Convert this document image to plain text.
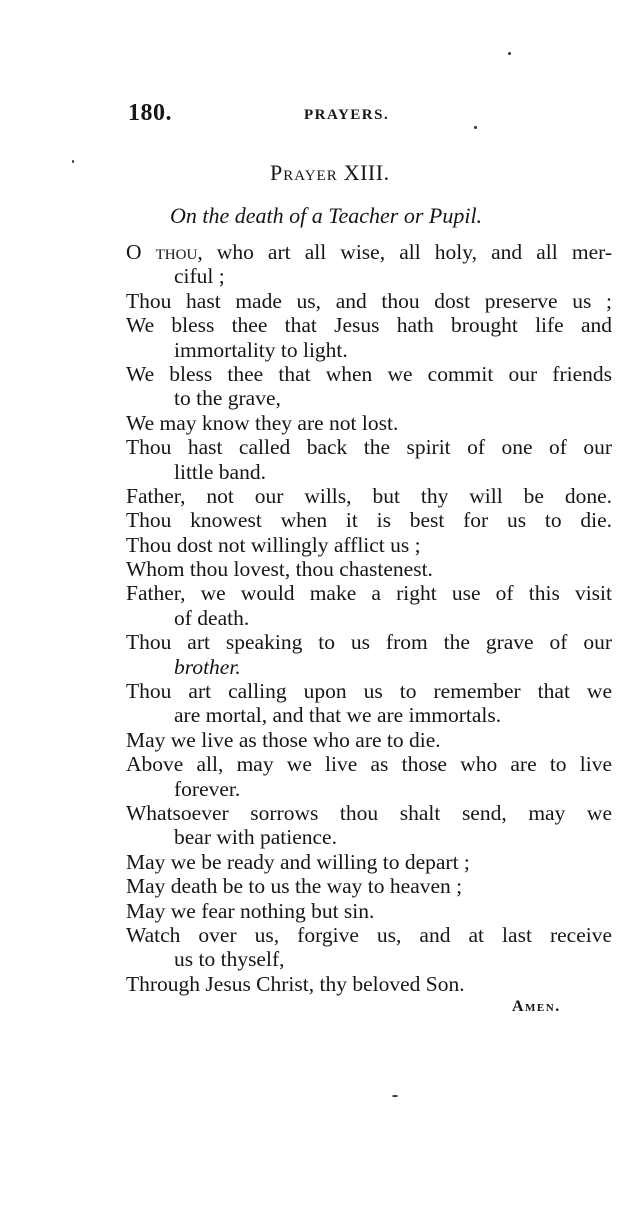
180.	PRAYERS.
Prayer XIII.
On the death of a Teacher or Pupil.
O thou, who art all wise, all holy, and all mer-
ciful ;
Thou hast made us, and thou dost preserve us ;
We bless thee that Jesus hath brought life and
immortality to light.
We bless thee that when we commit our friends
to the grave,
We may know they are not lost.
Thou hast called back the spirit of one of our
little band.
Father, not our wills, but thy will be done.
Thou knowest when it is best for us to die.
Thou dost not willingly afflict us ;
Whom thou lovest, thou chastenest.
Father, we would make a right use of this visit
of death.
Thou art speaking to us from the grave of our
brother.
Thou art calling upon us to remember that we
are mortal, and that we are immortals.
May we live as those who are to die.
Above all, may we live as those who are to live
forever.
Whatsoever sorrows thou shalt send, may we
bear with patience.
May we be ready and willing to depart ;
May death be to us the way to heaven ;
May we fear nothing but sin.
Watch over us, forgive us, and at last receive
us to thyself,
Through Jesus Christ, thy beloved Son.
Amen.
